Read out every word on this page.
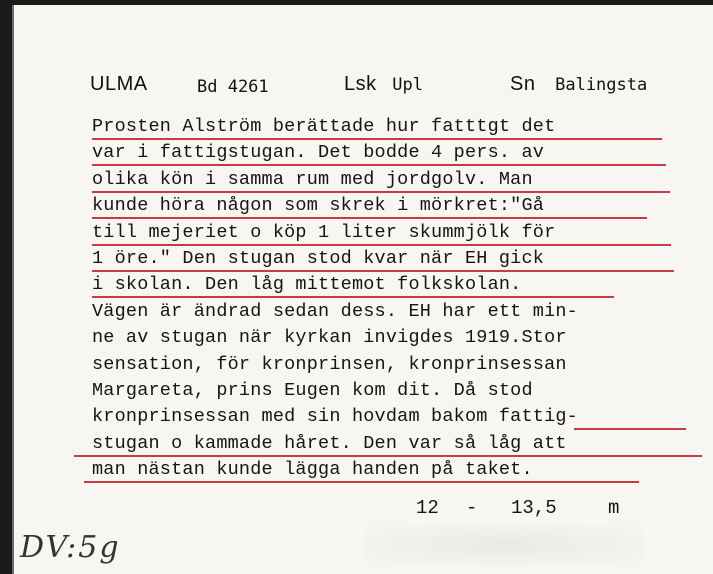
ULMA	Bd 4261	Lsk Upl	Sn Balingsta
Prosten Alström berättade hur fatttgt det
var i fattigstugan. Det bodde 4 pers. av
olika kön i samma rum med jordgolv. Man
kunde höra någon som skrek i mörkret:"Gå
till mejeriet o köp 1 liter skummjölk för
1 öre." Den stugan stod kvar när EH gick
i skolan. Den låg mittemot folkskolan.
Vägen är ändrad sedan dess. EH har ett min-
ne av stugan när kyrkan invigdes 1919.Stor
sensation, för kronprinsen, kronprinsessan
Margareta, prins Eugen kom dit. Då stod
kronprinsessan med sin hovdam bakom fattig-
stugan o kammade håret. Den var så låg att
man nästan kunde lägga handen på taket.
12 - 13,5	m
DV:5g
